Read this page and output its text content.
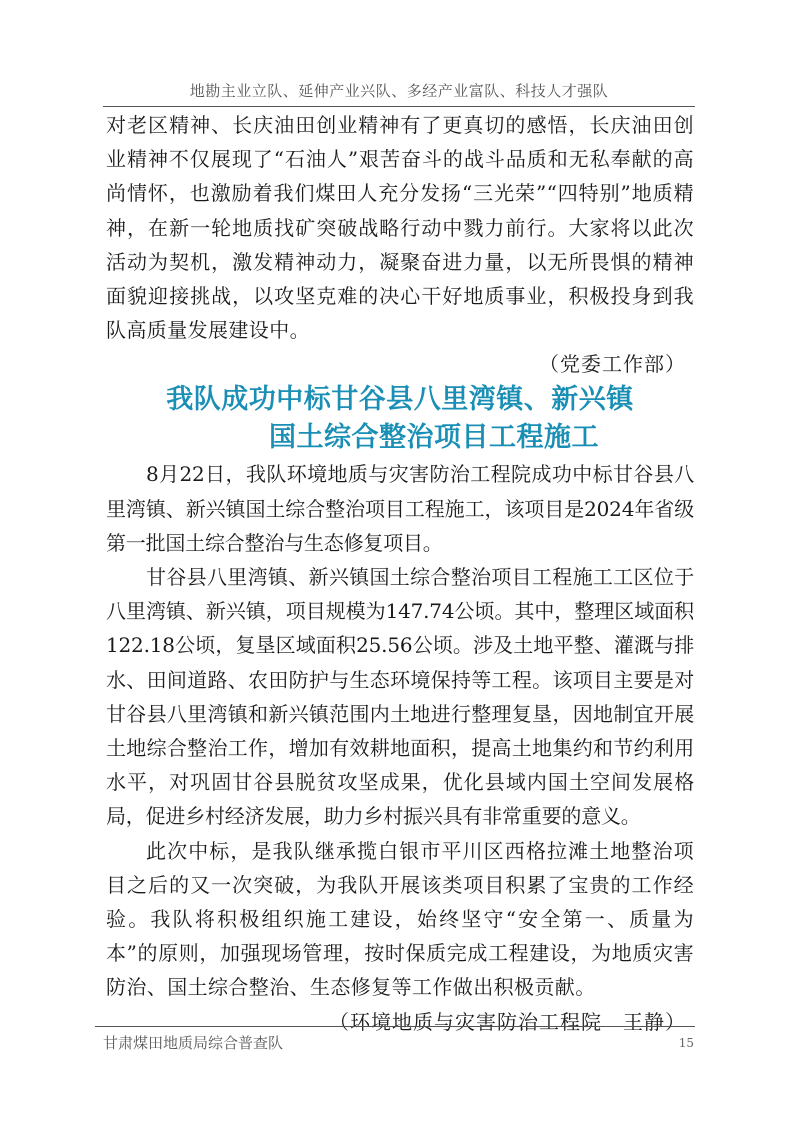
地勘主业立队、延伸产业兴队、多经产业富队、科技人才强队

对老区精神、长庆油田创业精神有了更真切的感悟，长庆油田创业精神不仅展现了“石油人”艰苦奋斗的战斗品质和无私奉献的高尚情怀，也激励着我们煤田人充分发扬“三光荣”“四特别”地质精神，在新一轮地质找矿突破战略行动中戮力前行。大家将以此次活动为契机，激发精神动力，凝聚奋进力量，以无所畏惧的精神面貌迎接挑战，以攻坚克难的决心干好地质事业，积极投身到我队高质量发展建设中。

（党委工作部）

我队成功中标甘谷县八里湾镇、新兴镇
国土综合整治项目工程施工

8月22日，我队环境地质与灾害防治工程院成功中标甘谷县八里湾镇、新兴镇国土综合整治项目工程施工，该项目是2024年省级第一批国土综合整治与生态修复项目。

甘谷县八里湾镇、新兴镇国土综合整治项目工程施工工区位于八里湾镇、新兴镇，项目规模为147.74公顷。其中，整理区域面积122.18公顷，复垦区域面积25.56公顷。涉及土地平整、灌溉与排水、田间道路、农田防护与生态环境保持等工程。该项目主要是对甘谷县八里湾镇和新兴镇范围内土地进行整理复垦，因地制宜开展土地综合整治工作，增加有效耕地面积，提高土地集约和节约利用水平，对巩固甘谷县脱贫攻坚成果，优化县域内国土空间发展格局，促进乡村经济发展，助力乡村振兴具有非常重要的意义。

此次中标，是我队继承揽白银市平川区西格拉滩土地整治项目之后的又一次突破，为我队开展该类项目积累了宝贵的工作经验。我队将积极组织施工建设，始终坚守“安全第一、质量为本”的原则，加强现场管理，按时保质完成工程建设，为地质灾害防治、国土综合整治、生态修复等工作做出积极贡献。

（环境地质与灾害防治工程院　王静）

甘肃煤田地质局综合普查队	15
